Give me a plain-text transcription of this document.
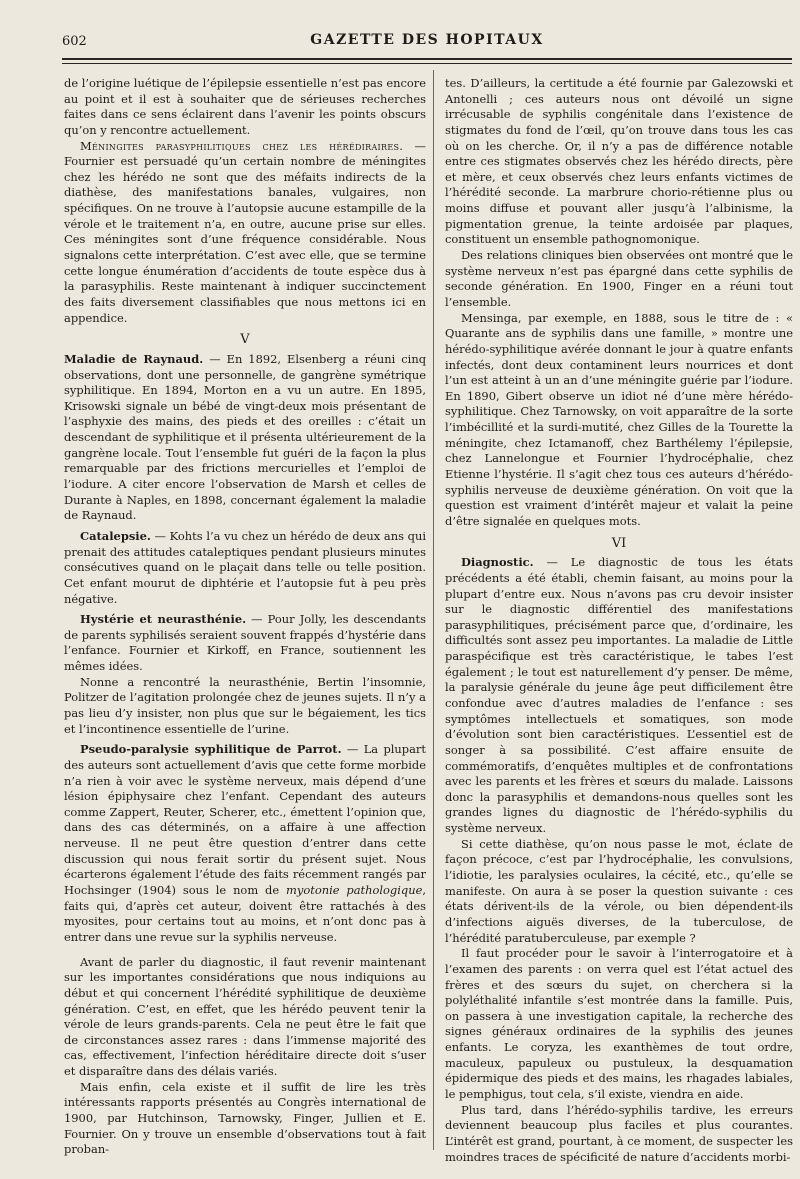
602	GAZETTE DES HOPITAUX

de l’origine luétique de l’épilepsie essentielle n’est pas encore au point et il est à souhaiter que de sérieuses recherches faites dans ce sens éclairent dans l’avenir les points obscurs qu’on y rencontre actuellement.

Méningites parasyphilitiques chez les hérédiraires. — Fournier est persuadé qu’un certain nombre de méningites chez les hérédo ne sont que des méfaits indirects de la diathèse, des manifestations banales, vulgaires, non spécifiques. On ne trouve à l’autopsie aucune estampille de la vérole et le traitement n’a, en outre, aucune prise sur elles. Ces méningites sont d’une fréquence considérable. Nous signalons cette interprétation. C’est avec elle, que se termine cette longue énumération d’accidents de toute espèce dus à la parasyphilis. Reste maintenant à indiquer succinctement des faits diversement classifiables que nous mettons ici en appendice.

V

Maladie de Raynaud. — En 1892, Elsenberg a réuni cinq observations, dont une personnelle, de gangrène symétrique syphilitique. En 1894, Morton en a vu un autre. En 1895, Krisowski signale un bébé de vingt-deux mois présentant de l’asphyxie des mains, des pieds et des oreilles : c’était un descendant de syphilitique et il présenta ultérieurement de la gangrène locale. Tout l’ensemble fut guéri de la façon la plus remarquable par des frictions mercurielles et l’emploi de l’iodure. A citer encore l’observation de Marsh et celles de Durante à Naples, en 1898, concernant également la maladie de Raynaud.

Catalepsie. — Kohts l’a vu chez un hérédo de deux ans qui prenait des attitudes cataleptiques pendant plusieurs minutes consécutives quand on le plaçait dans telle ou telle position. Cet enfant mourut de diphtérie et l’autopsie fut à peu près négative.

Hystérie et neurasthénie. — Pour Jolly, les descendants de parents syphilisés seraient souvent frappés d’hystérie dans l’enfance. Fournier et Kirkoff, en France, soutiennent les mêmes idées.

Nonne a rencontré la neurasthénie, Bertin l’insomnie, Politzer de l’agitation prolongée chez de jeunes sujets. Il n’y a pas lieu d’y insister, non plus que sur le bégaiement, les tics et l’incontinence essentielle de l’urine.

Pseudo-paralysie syphilitique de Parrot. — La plupart des auteurs sont actuellement d’avis que cette forme morbide n’a rien à voir avec le système nerveux, mais dépend d’une lésion épiphysaire chez l’enfant. Cependant des auteurs comme Zappert, Reuter, Scherer, etc., émettent l’opinion que, dans des cas déterminés, on a affaire à une affection nerveuse. Il ne peut être question d’entrer dans cette discussion qui nous ferait sortir du présent sujet. Nous écarterons également l’étude des faits récemment rangés par Hochsinger (1904) sous le nom de myotonie pathologique, faits qui, d’après cet auteur, doivent être rattachés à des myosites, pour certains tout au moins, et n’ont donc pas à entrer dans une revue sur la syphilis nerveuse.

Avant de parler du diagnostic, il faut revenir maintenant sur les importantes considérations que nous indiquions au début et qui concernent l’hérédité syphilitique de deuxième génération. C’est, en effet, que les hérédo peuvent tenir la vérole de leurs grands-parents. Cela ne peut être le fait que de circonstances assez rares : dans l’immense majorité des cas, effectivement, l’infection héréditaire directe doit s’user et disparaître dans des délais variés.

Mais enfin, cela existe et il suffit de lire les très intéressants rapports présentés au Congrès international de 1900, par Hutchinson, Tarnowsky, Finger, Jullien et E. Fournier. On y trouve un ensemble d’observations tout à fait proban-

tes. D’ailleurs, la certitude a été fournie par Galezowski et Antonelli ; ces auteurs nous ont dévoilé un signe irrécusable de syphilis congénitale dans l’existence de stigmates du fond de l’œil, qu’on trouve dans tous les cas où on les cherche. Or, il n’y a pas de différence notable entre ces stigmates observés chez les hérédo directs, père et mère, et ceux observés chez leurs enfants victimes de l’hérédité seconde. La marbrure chorio-rétienne plus ou moins diffuse et pouvant aller jusqu’à l’albinisme, la pigmentation grenue, la teinte ardoisée par plaques, constituent un ensemble pathognomonique.

Des relations cliniques bien observées ont montré que le système nerveux n’est pas épargné dans cette syphilis de seconde génération. En 1900, Finger en a réuni tout l’ensemble.

Mensinga, par exemple, en 1888, sous le titre de : « Quarante ans de syphilis dans une famille, » montre une hérédo-syphilitique avérée donnant le jour à quatre enfants infectés, dont deux contaminent leurs nourrices et dont l’un est atteint à un an d’une méningite guérie par l’iodure. En 1890, Gibert observe un idiot né d’une mère hérédo-syphilitique. Chez Tarnowsky, on voit apparaître de la sorte l’imbécillité et la surdi-mutité, chez Gilles de la Tourette la méningite, chez Ictamanoff, chez Barthélemy l’épilepsie, chez Lannelongue et Fournier l’hydrocéphalie, chez Etienne l’hystérie. Il s’agit chez tous ces auteurs d’hérédo-syphilis nerveuse de deuxième génération. On voit que la question est vraiment d’intérêt majeur et valait la peine d’être signalée en quelques mots.

VI

Diagnostic. — Le diagnostic de tous les états précédents a été établi, chemin faisant, au moins pour la plupart d’entre eux. Nous n’avons pas cru devoir insister sur le diagnostic différentiel des manifestations parasyphilitiques, précisément parce que, d’ordinaire, les difficultés sont assez peu importantes. La maladie de Little paraspécifique est très caractéristique, le tabes l’est également ; le tout est naturellement d’y penser. De même, la paralysie générale du jeune âge peut difficilement être confondue avec d’autres maladies de l’enfance : ses symptômes intellectuels et somatiques, son mode d’évolution sont bien caractéristiques. L’essentiel est de songer à sa possibilité. C’est affaire ensuite de commémoratifs, d’enquêtes multiples et de confrontations avec les parents et les frères et sœurs du malade. Laissons donc la parasyphilis et demandons-nous quelles sont les grandes lignes du diagnostic de l’hérédo-syphilis du système nerveux.

Si cette diathèse, qu’on nous passe le mot, éclate de façon précoce, c’est par l’hydrocéphalie, les convulsions, l’idiotie, les paralysies oculaires, la cécité, etc., qu’elle se manifeste. On aura à se poser la question suivante : ces états dérivent-ils de la vérole, ou bien dépendent-ils d’infections aiguës diverses, de la tuberculose, de l’hérédité paratuberculeuse, par exemple ?

Il faut procéder pour le savoir à l’interrogatoire et à l’examen des parents : on verra quel est l’état actuel des frères et des sœurs du sujet, on cherchera si la polyléthalité infantile s’est montrée dans la famille. Puis, on passera à une investigation capitale, la recherche des signes généraux ordinaires de la syphilis des jeunes enfants. Le coryza, les exanthèmes de tout ordre, maculeux, papuleux ou pustuleux, la desquamation épidermique des pieds et des mains, les rhagades labiales, le pemphigus, tout cela, s’il existe, viendra en aide.

Plus tard, dans l’hérédo-syphilis tardive, les erreurs deviennent beaucoup plus faciles et plus courantes. L’intérêt est grand, pourtant, à ce moment, de suspecter les moindres traces de spécificité de nature d’accidents morbi-
